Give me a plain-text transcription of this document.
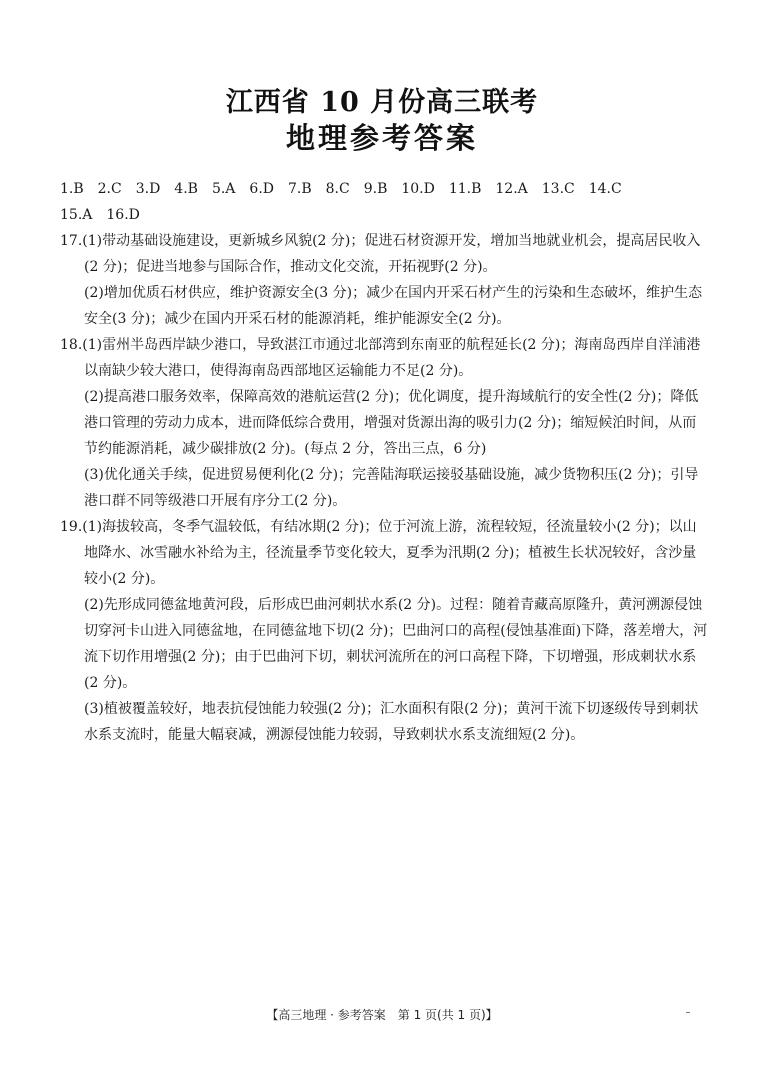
江西省 10 月份高三联考
地理参考答案
1.B　2.C　3.D　4.B　5.A　6.D　7.B　8.C　9.B　10.D　11.B　12.A　13.C　14.C
15.A　16.D

17.(1)带动基础设施建设，更新城乡风貌(2 分)；促进石材资源开发，增加当地就业机会，提高居民收入(2 分)；促进当地参与国际合作，推动文化交流，开拓视野(2 分)。

(2)增加优质石材供应，维护资源安全(3 分)；减少在国内开采石材产生的污染和生态破坏，维护生态安全(3 分)；减少在国内开采石材的能源消耗，维护能源安全(2 分)。

18.(1)雷州半岛西岸缺少港口，导致湛江市通过北部湾到东南亚的航程延长(2 分)；海南岛西岸自洋浦港以南缺少较大港口，使得海南岛西部地区运输能力不足(2 分)。

(2)提高港口服务效率，保障高效的港航运营(2 分)；优化调度，提升海域航行的安全性(2 分)；降低港口管理的劳动力成本，进而降低综合费用，增强对货源出海的吸引力(2 分)；缩短候泊时间，从而节约能源消耗，减少碳排放(2 分)。(每点 2 分，答出三点，6 分)

(3)优化通关手续，促进贸易便利化(2 分)；完善陆海联运接驳基础设施，减少货物积压(2 分)；引导港口群不同等级港口开展有序分工(2 分)。

19.(1)海拔较高，冬季气温较低，有结冰期(2 分)；位于河流上游，流程较短，径流量较小(2 分)；以山地降水、冰雪融水补给为主，径流量季节变化较大，夏季为汛期(2 分)；植被生长状况较好，含沙量较小(2 分)。

(2)先形成同德盆地黄河段，后形成巴曲河刺状水系(2 分)。过程：随着青藏高原隆升，黄河溯源侵蚀切穿河卡山进入同德盆地，在同德盆地下切(2 分)；巴曲河口的高程(侵蚀基准面)下降，落差增大，河流下切作用增强(2 分)；由于巴曲河下切，刺状河流所在的河口高程下降，下切增强，形成刺状水系(2 分)。

(3)植被覆盖较好，地表抗侵蚀能力较强(2 分)；汇水面积有限(2 分)；黄河干流下切逐级传导到刺状水系支流时，能量大幅衰减，溯源侵蚀能力较弱，导致刺状水系支流细短(2 分)。

【高三地理 · 参考答案　第 1 页(共 1 页)】
